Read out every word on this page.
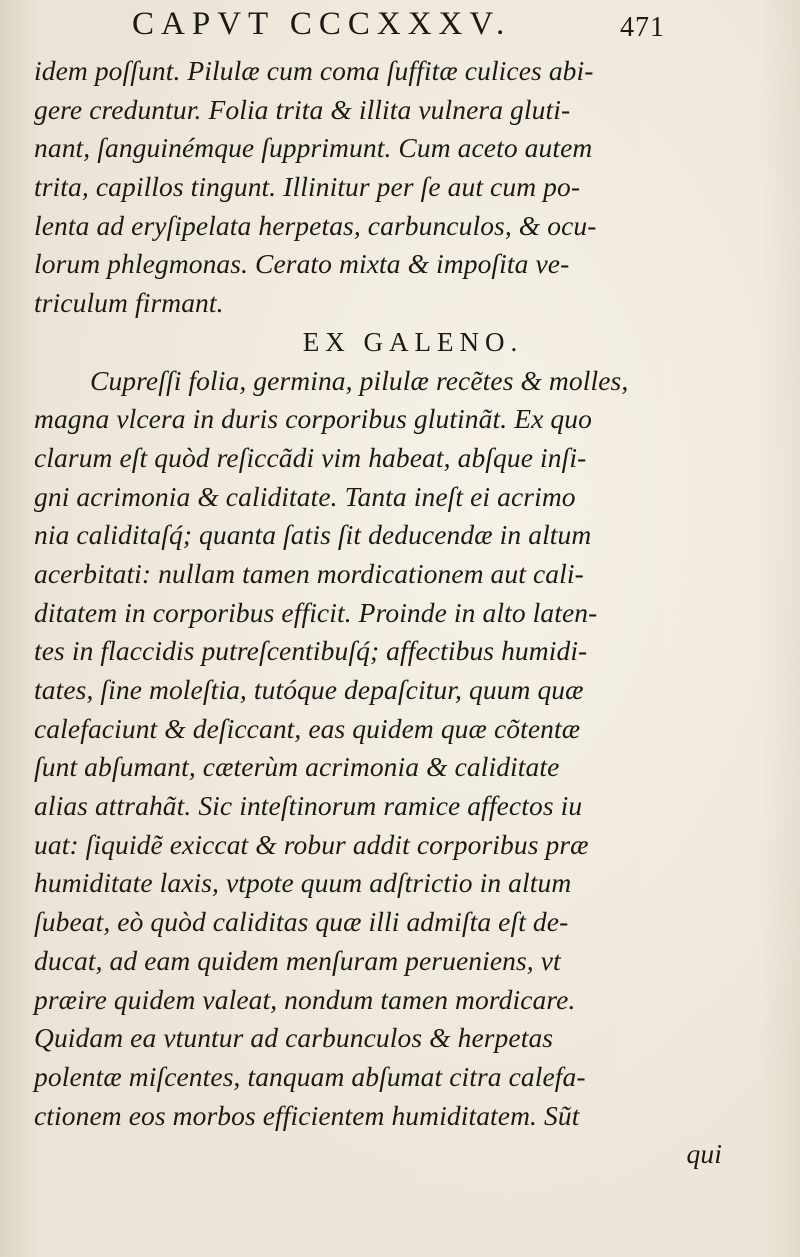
CAPVT CCCXXXV.	471
idem poſſunt. Pilulæ cum coma ſuffitæ culices abi-
gere creduntur. Folia trita & illita vulnera gluti-
nant, ſanguinémque ſupprimunt. Cum aceto autem
trita, capillos tingunt. Illinitur per ſe aut cum po-
lenta ad eryſipelata herpetas, carbunculos, & ocu-
lorum phlegmonas. Cerato mixta & impoſita ve-
triculum firmant.
EX GALENO.
Cupreſſi folia, germina, pilulæ recẽtes & molles,
magna vlcera in duris corporibus glutinãt. Ex quo
clarum eſt quòd reſiccãdi vim habeat, abſque inſi-
gni acrimonia & caliditate. Tanta ineſt ei acrimo
nia caliditaſq́; quanta ſatis ſit deducendæ in altum
acerbitati: nullam tamen mordicationem aut cali-
ditatem in corporibus efficit. Proinde in alto laten-
tes in flaccidis putreſcentibuſq́; affectibus humidi-
tates, ſine moleſtia, tutóque depaſcitur, quum quæ
calefaciunt & deſiccant, eas quidem quæ cõtentæ
ſunt abſumant, cæterùm acrimonia & caliditate
alias attrahãt. Sic inteſtinorum ramice affectos iu
uat: ſiquidẽ exiccat & robur addit corporibus præ
humiditate laxis, vtpote quum adſtrictio in altum
ſubeat, eò quòd caliditas quæ illi admiſta eſt de-
ducat, ad eam quidem menſuram perueniens, vt
præire quidem valeat, nondum tamen mordicare.
Quidam ea vtuntur ad carbunculos & herpetas
polentæ miſcentes, tanquam abſumat citra calefa-
ctionem eos morbos efficientem humiditatem. Sũt
qui
